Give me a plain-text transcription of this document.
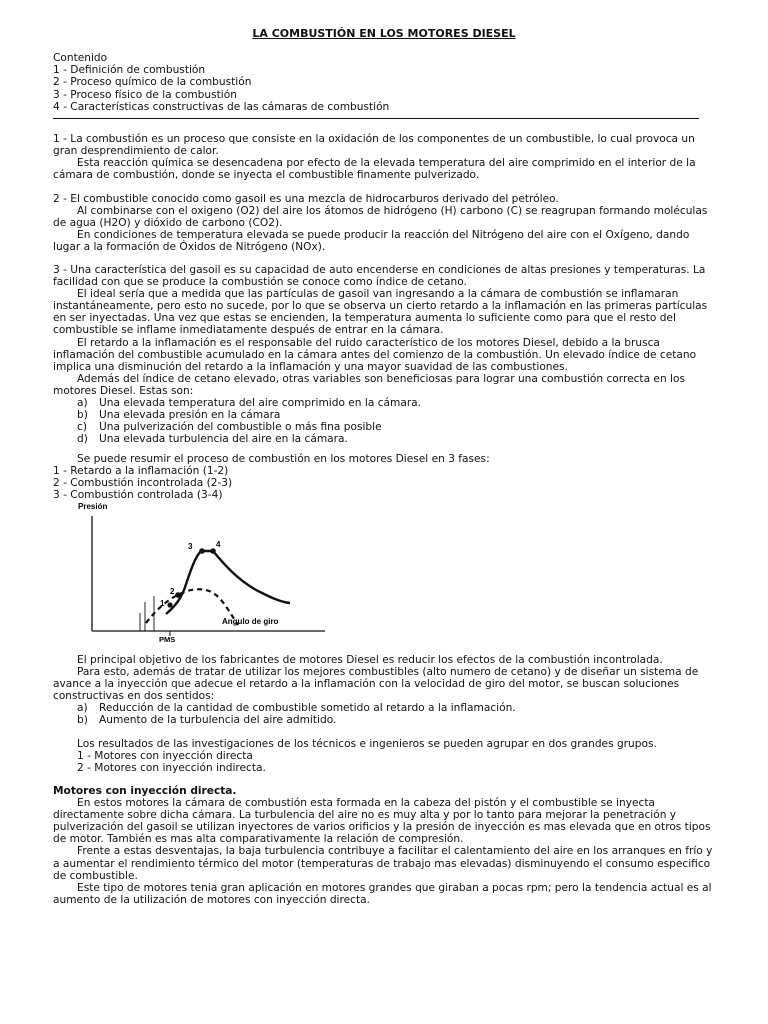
LA COMBUSTIÓN EN LOS MOTORES DIESEL
Contenido
1 - Definición de combustión
2 - Proceso químico de la combustión
3 - Proceso físico de la combustión
4 - Características constructivas de las cámaras de combustión

1 - La combustión es un proceso que consiste en la oxidación de los componentes de un combustible, lo cual provoca un gran desprendimiento de calor.

Esta reacción química se desencadena por efecto de la elevada temperatura del aire comprimido en el interior de la cámara de combustión, donde se inyecta el combustible finamente pulverizado.

2 - El combustible conocido como gasoil es una mezcla de hidrocarburos derivado del petróleo.

Al combinarse con el oxigeno (O2) del aire los átomos de hidrógeno (H) carbono (C) se reagrupan formando moléculas de agua (H2O) y dióxido de carbono (CO2).

En condiciones de temperatura elevada se puede producir la reacción del Nitrógeno del aire con el Oxígeno, dando lugar a la formación de Óxidos de Nitrógeno (NOx).

3 - Una característica del gasoil es su capacidad de auto encenderse en condiciones de altas presiones y temperaturas. La facilidad con que se produce la combustión se conoce como índice de cetano.

El ideal sería que a medida que las partículas de gasoil van ingresando a la cámara de combustión se inflamaran instantáneamente, pero esto no sucede, por lo que se observa un cierto retardo a la inflamación en las primeras partículas en ser inyectadas. Una vez que estas se encienden, la temperatura aumenta lo suficiente como para que el resto del combustible se inflame inmediatamente después de entrar en la cámara.

El retardo a la inflamación es el responsable del ruido característico de los motores Diesel, debido a la brusca inflamación del combustible acumulado en la cámara antes del comienzo de la combustión. Un elevado índice de cetano implica una disminución del retardo a la inflamación y una mayor suavidad de las combustiones.

Además del índice de cetano elevado, otras variables son beneficiosas para lograr una combustión correcta en los motores Diesel. Estas son:

a) Una elevada temperatura del aire comprimido en la cámara.
b) Una elevada presión en la cámara
c) Una pulverización del combustible o más fina posible
d) Una elevada turbulencia del aire en la cámara.

Se puede resumir el proceso de combustión en los motores Diesel en 3 fases:

1 - Retardo a la inflamación (1-2)
2 - Combustión incontrolada (2-3)
3 - Combustión controlada (3-4)
Presión
1
2
3	4
Angulo de giro
PMS

El principal objetivo de los fabricantes de motores Diesel es reducir los efectos de la combustión incontrolada.

Para esto, además de tratar de utilizar los mejores combustibles (alto numero de cetano) y de diseñar un sistema de avance a la inyección que adecue el retardo a la inflamación con la velocidad de giro del motor, se buscan soluciones constructivas en dos sentidos:

a) Reducción de la cantidad de combustible sometido al retardo a la inflamación.
b) Aumento de la turbulencia del aire admitido.

Los resultados de las investigaciones de los técnicos e ingenieros se pueden agrupar en dos grandes grupos.

1 - Motores con inyección directa
2 - Motores con inyección indirecta.

Motores con inyección directa.

En estos motores la cámara de combustión esta formada en la cabeza del pistón y el combustible se inyecta directamente sobre dicha cámara. La turbulencia del aire no es muy alta y por lo tanto para mejorar la penetración y pulverización del gasoil se utilizan inyectores de varios orificios y la presión de inyección es mas elevada que en otros tipos de motor. También es mas alta comparativamente la relación de compresión.

Frente a estas desventajas, la baja turbulencia contribuye a facilitar el calentamiento del aire en los arranques en frío y a aumentar el rendimiento térmico del motor (temperaturas de trabajo mas elevadas) disminuyendo el consumo especifico de combustible.

Este tipo de motores tenia gran aplicación en motores grandes que giraban a pocas rpm; pero la tendencia actual es al aumento de la utilización de motores con inyección directa.
